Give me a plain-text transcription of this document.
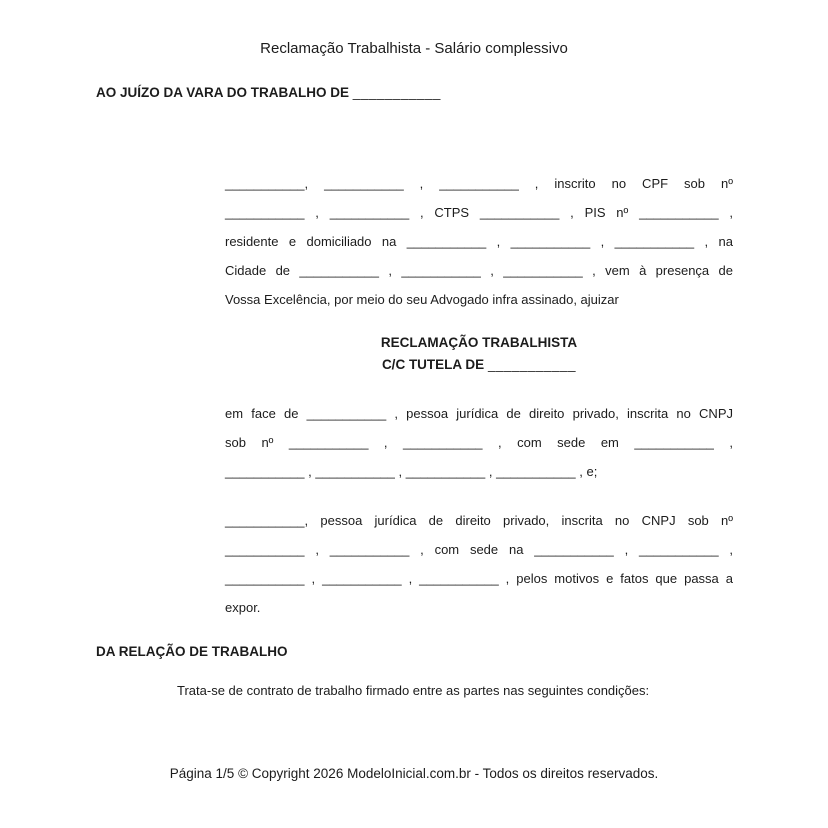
Reclamação Trabalhista - Salário complessivo
AO JUÍZO DA VARA DO TRABALHO DE ___________

___________, ___________ , ___________ , inscrito no CPF sob nº
___________ , ___________ , CTPS ___________ , PIS nº ___________ ,
residente e domiciliado na ___________ , ___________ , ___________ , na
Cidade de ___________ , ___________ , ___________ , vem à presença de
Vossa Excelência, por meio do seu Advogado infra assinado, ajuizar

RECLAMAÇÃO TRABALHISTA
C/C TUTELA DE ___________

em face de ___________ , pessoa jurídica de direito privado, inscrita no CNPJ
sob nº ___________ , ___________ , com sede em ___________ ,
___________ , ___________ , ___________ , ___________ , e;

___________, pessoa jurídica de direito privado, inscrita no CNPJ sob nº
___________ , ___________ , com sede na ___________ , ___________ ,
___________ , ___________ , ___________ , pelos motivos e fatos que passa a
expor.

DA RELAÇÃO DE TRABALHO
Trata-se de contrato de trabalho firmado entre as partes nas seguintes condições:
Página 1/5 © Copyright 2026 ModeloInicial.com.br - Todos os direitos reservados.
